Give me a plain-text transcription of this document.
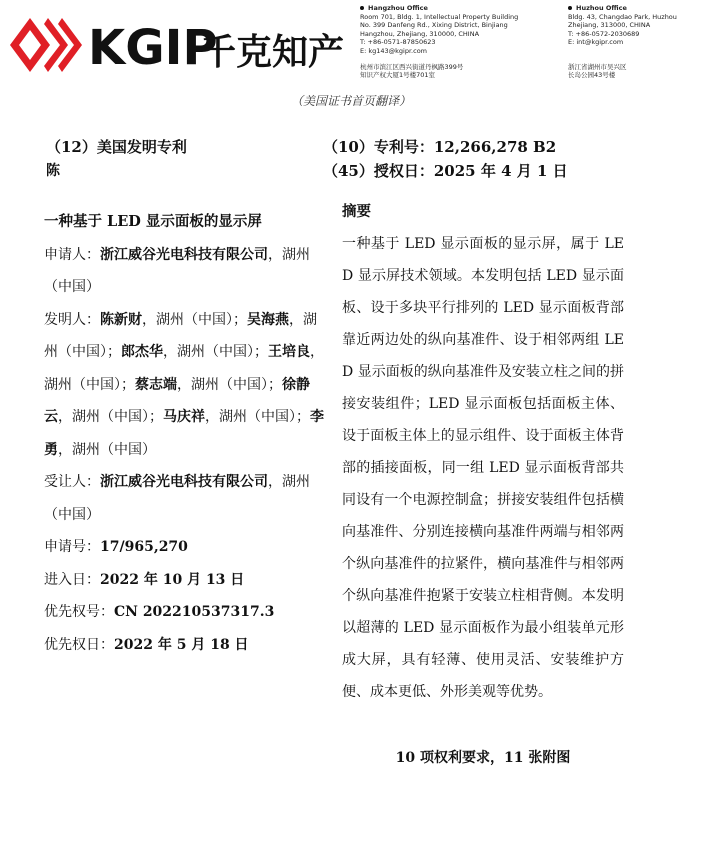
KGIP
千克知产
Hangzhou Office
Room 701, Bldg. 1, Intellectual Property Building
No. 399 Danfeng Rd., Xixing District, Binjiang
Hangzhou, Zhejiang, 310000, CHINA
T: +86-0571-87850623
E: kg143@kgipr.com
杭州市滨江区西兴街道丹枫路399号
知识产权大厦1号楼701室
Huzhou Office
Bldg. 43, Changdao Park, Huzhou
Zhejiang, 313000, CHINA
T: +86-0572-2030689
E: int@kgipr.com
浙江省湖州市吴兴区
长岛公园43号楼
（美国证书首页翻译）
（12）美国发明专利
陈
（10）专利号：12,266,278 B2
（45）授权日：2025 年 4 月 1 日

一种基于 LED 显示面板的显示屏

申请人：浙江威谷光电科技有限公司，湖州（中国）

发明人：陈新财，湖州（中国）；吴海燕，湖州（中国）；郎杰华，湖州（中国）；王培良，湖州（中国）；蔡志端，湖州（中国）；徐静云，湖州（中国）；马庆祥，湖州（中国）；李勇，湖州（中国）

受让人：浙江威谷光电科技有限公司，湖州（中国）

申请号：17/965,270

进入日：2022 年 10 月 13 日

优先权号：CN 202210537317.3

优先权日：2022 年 5 月 18 日

摘要
一种基于 LED 显示面板的显示屏，属于 LED 显示屏技术领域。本发明包括 LED 显示面板、设于多块平行排列的 LED 显示面板背部靠近两边处的纵向基准件、设于相邻两组 LED 显示面板的纵向基准件及安装立柱之间的拼接安装组件；LED 显示面板包括面板主体、设于面板主体上的显示组件、设于面板主体背部的插接面板，同一组 LED 显示面板背部共同设有一个电源控制盒；拼接安装组件包括横向基准件、分别连接横向基准件两端与相邻两个纵向基准件的拉紧件，横向基准件与相邻两个纵向基准件抱紧于安装立柱相背侧。本发明以超薄的 LED 显示面板作为最小组装单元形成大屏，具有轻薄、使用灵活、安装维护方便、成本更低、外形美观等优势。
10 项权利要求，11 张附图
